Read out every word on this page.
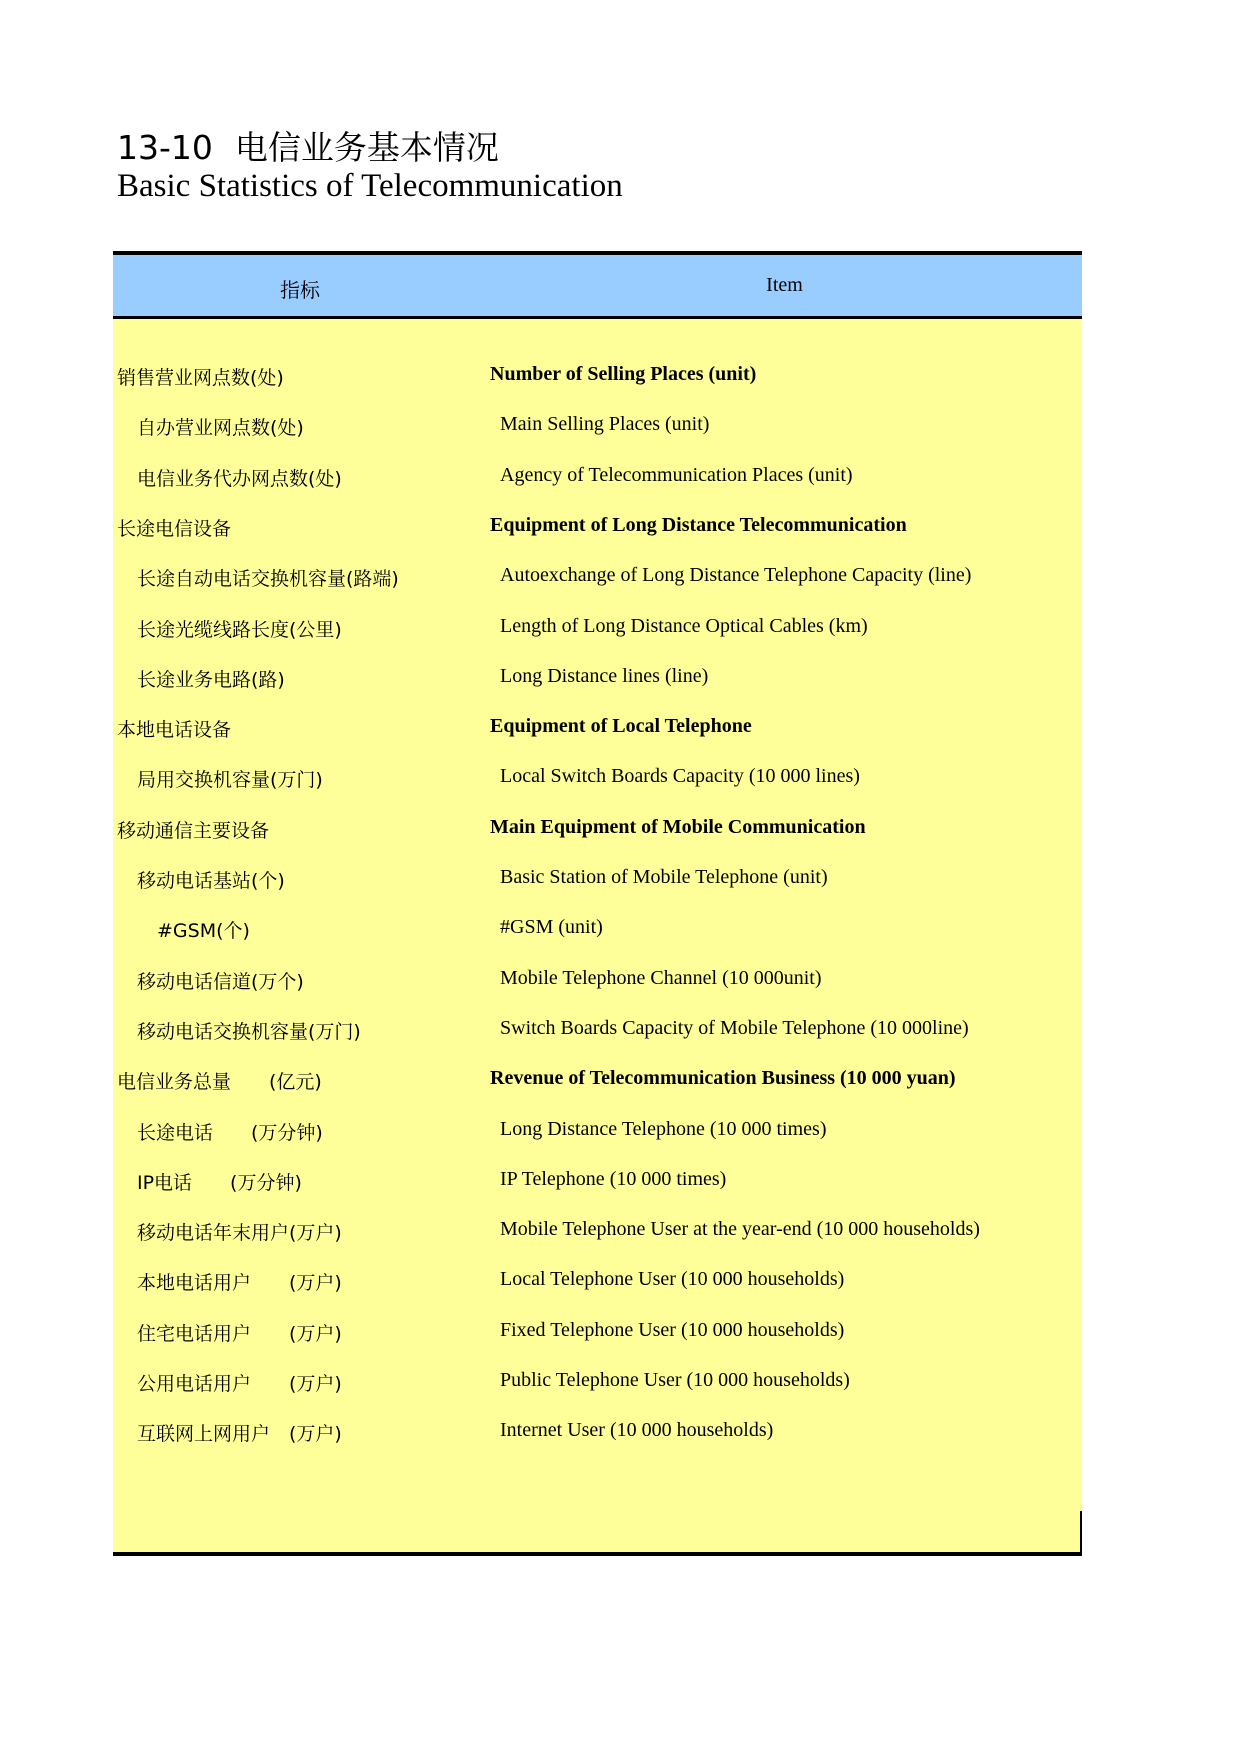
13-10 电信业务基本情况
Basic Statistics of Telecommunication
指标	Item
销售营业网点数(处)	Number of Selling Places (unit)
自办营业网点数(处)	Main Selling Places (unit)
电信业务代办网点数(处)	Agency of Telecommunication Places (unit)
长途电信设备	Equipment of Long Distance Telecommunication
长途自动电话交换机容量(路端)	Autoexchange of Long Distance Telephone Capacity (line)
长途光缆线路长度(公里)	Length of Long Distance Optical Cables (km)
长途业务电路(路)	Long Distance lines (line)
本地电话设备	Equipment of Local Telephone
局用交换机容量(万门)	Local Switch Boards Capacity (10 000 lines)
移动通信主要设备	Main Equipment of Mobile Communication
移动电话基站(个)	Basic Station of Mobile Telephone (unit)
#GSM(个)	#GSM (unit)
移动电话信道(万个)	Mobile Telephone Channel (10 000unit)
移动电话交换机容量(万门)	Switch Boards Capacity of Mobile Telephone (10 000line)
电信业务总量　　(亿元)	Revenue of Telecommunication Business (10 000 yuan)
长途电话　　(万分钟)	Long Distance Telephone (10 000 times)
IP电话　　(万分钟)	IP Telephone (10 000 times)
移动电话年末用户(万户)	Mobile Telephone User at the year-end (10 000 households)
本地电话用户　　(万户)	Local Telephone User (10 000 households)
住宅电话用户　　(万户)	Fixed Telephone User (10 000 households)
公用电话用户　　(万户)	Public Telephone User (10 000 households)
互联网上网用户　(万户)	Internet User (10 000 households)
